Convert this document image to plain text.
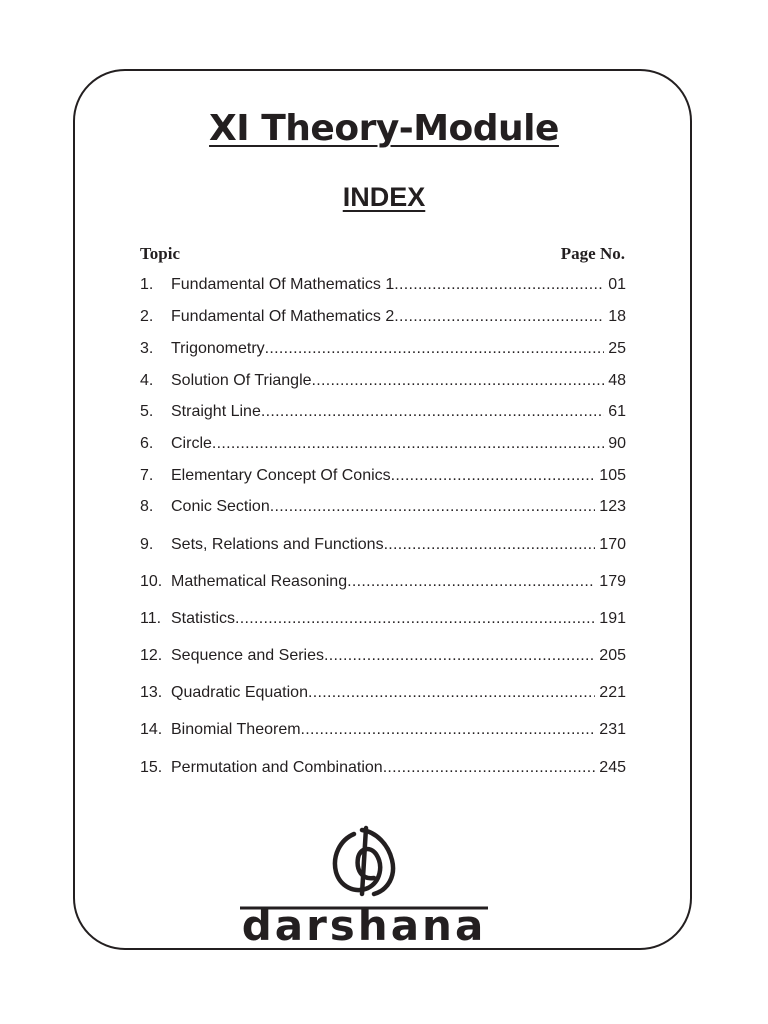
XI Theory-Module
INDEX
Topic	Page No.
1.	Fundamental Of Mathematics 1 .....	01
2.	Fundamental Of Mathematics 2 .....	18
3.	Trigonometry .....	25
4.	Solution Of Triangle .....	48
5.	Straight Line .....	61
6.	Circle .....	90
7.	Elementary Concept Of Conics .....	105
8.	Conic Section .....	123
9.	Sets, Relations and Functions .....	170
10. Mathematical Reasoning .....	179
11. Statistics .....	191
12. Sequence and Series .....	205
13. Quadratic Equation .....	221
14. Binomial Theorem .....	231
15. Permutation and Combination .....	245
darshana
